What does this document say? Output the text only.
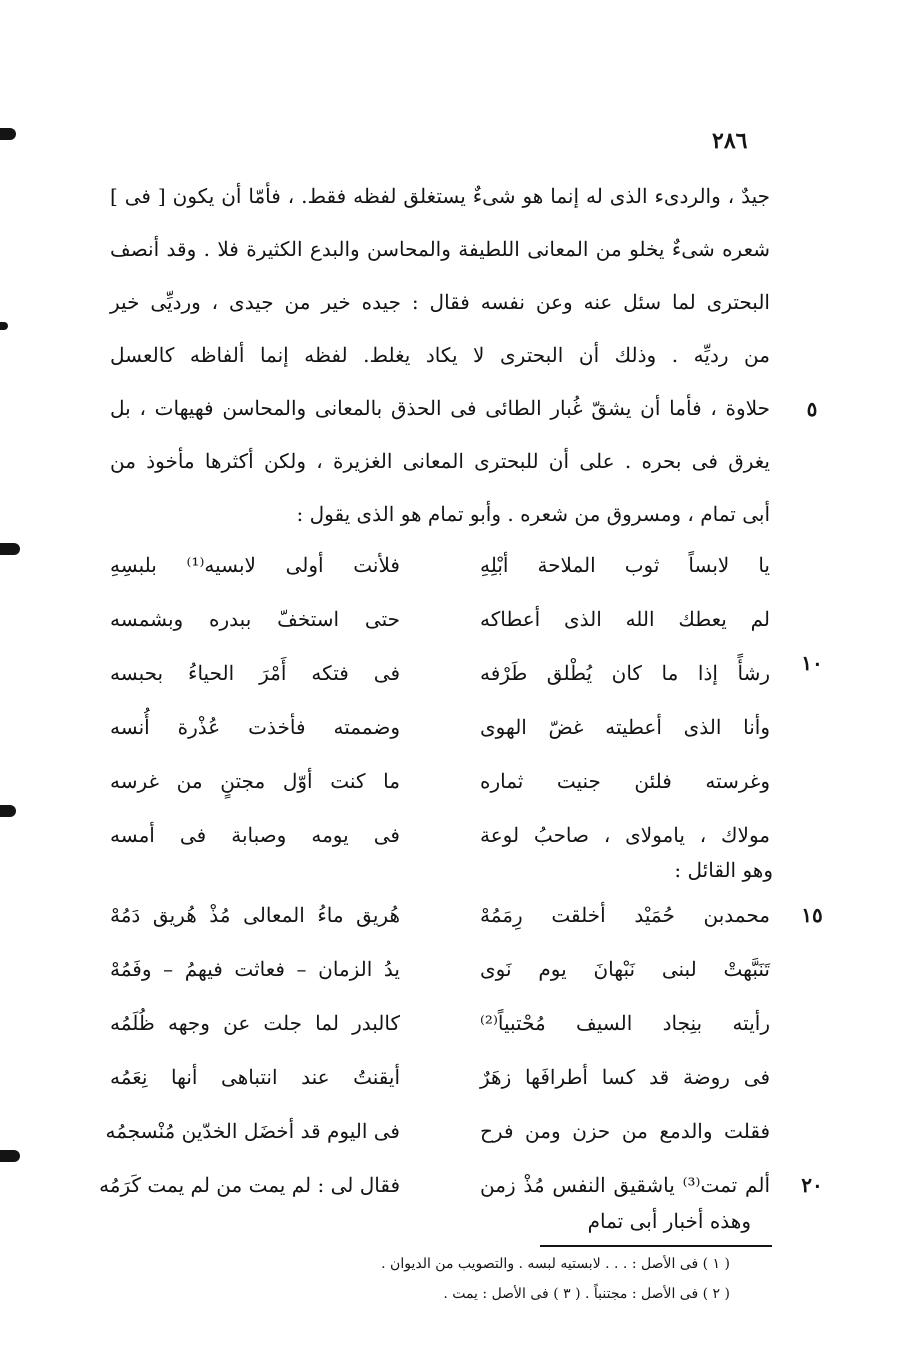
٢٨٦
جيدٌ ، والردىء الذى له إنما هو شىءٌ يستغلق لفظه فقط. ، فأمّا أن يكون [ فى ]
شعره شىءٌ يخلو من المعانى اللطيفة والمحاسن والبدع الكثيرة فلا . وقد أنصف
البحترى لما سئل عنه وعن نفسه فقال : جيده خير من جيدى ، ورديِّى خير
من رديِّه . وذلك أن البحترى لا يكاد يغلط. لفظه إنما ألفاظه كالعسل
حلاوة ، فأما أن يشقّ غُبار الطائى فى الحذق بالمعانى والمحاسن فهيهات ، بل
يغرق فى بحره . على أن للبحترى المعانى الغزيرة ، ولكن أكثرها مأخوذ من
أبى تمام ، ومسروق من شعره . وأبو تمام هو الذى يقول :
٥
١٠
١٥
٢٠
يا لابساً ثوب الملاحة أبْلِهِ
فلأنت أولى لابسيه⁽¹⁾ بلبسِهِ
لم يعطك الله الذى أعطاكه
حتى استخفّ ببدره وبشمسه
رشأً إذا ما كان يُطْلق طَرْفه
فى فتكه أَمْرَ الحياءُ بحبسه
وأنا الذى أعطيته غضّ الهوى
وضممته فأخذت عُذْرة أُنسه
وغرسته فلئن جنيت ثماره
ما كنت أوّل مجتنٍ من غرسه
مولاك ، يامولاى ، صاحبُ لوعة
فى يومه وصبابة فى أمسه
وهو القائل :
محمدبن حُمَيْد أخلقت رِمَمُهْ
هُريق ماءُ المعالى مُذْ هُريق دَمُهْ
تَنَبَّهتْ لبنى نَبْهانَ يوم نَوى
يدُ الزمان – فعاثت فيهمُ – وفَمُهْ
رأيته بنِجاد السيف مُحْتبياً⁽²⁾
كالبدر لما جلت عن وجهه ظُلَمُه
فى روضة قد كسا أطرافَها زهَرٌ
أيقنتُ عند انتباهى أنها نِعَمُه
فقلت والدمع من حزن ومن فرح
فى اليوم قد أخضَل الخدّين مُنْسجمُه
ألم تمت⁽³⁾ ياشقيق النفس مُذْ زمن
فقال لى : لم يمت من لم يمت كَرَمُه
وهذه أخبار أبى تمام
( ١ ) فى الأصل : . . . لابستيه لبسه . والتصويب من الديوان .
( ٢ ) فى الأصل : مجتنباً . ( ٣ ) فى الأصل : يمت .
